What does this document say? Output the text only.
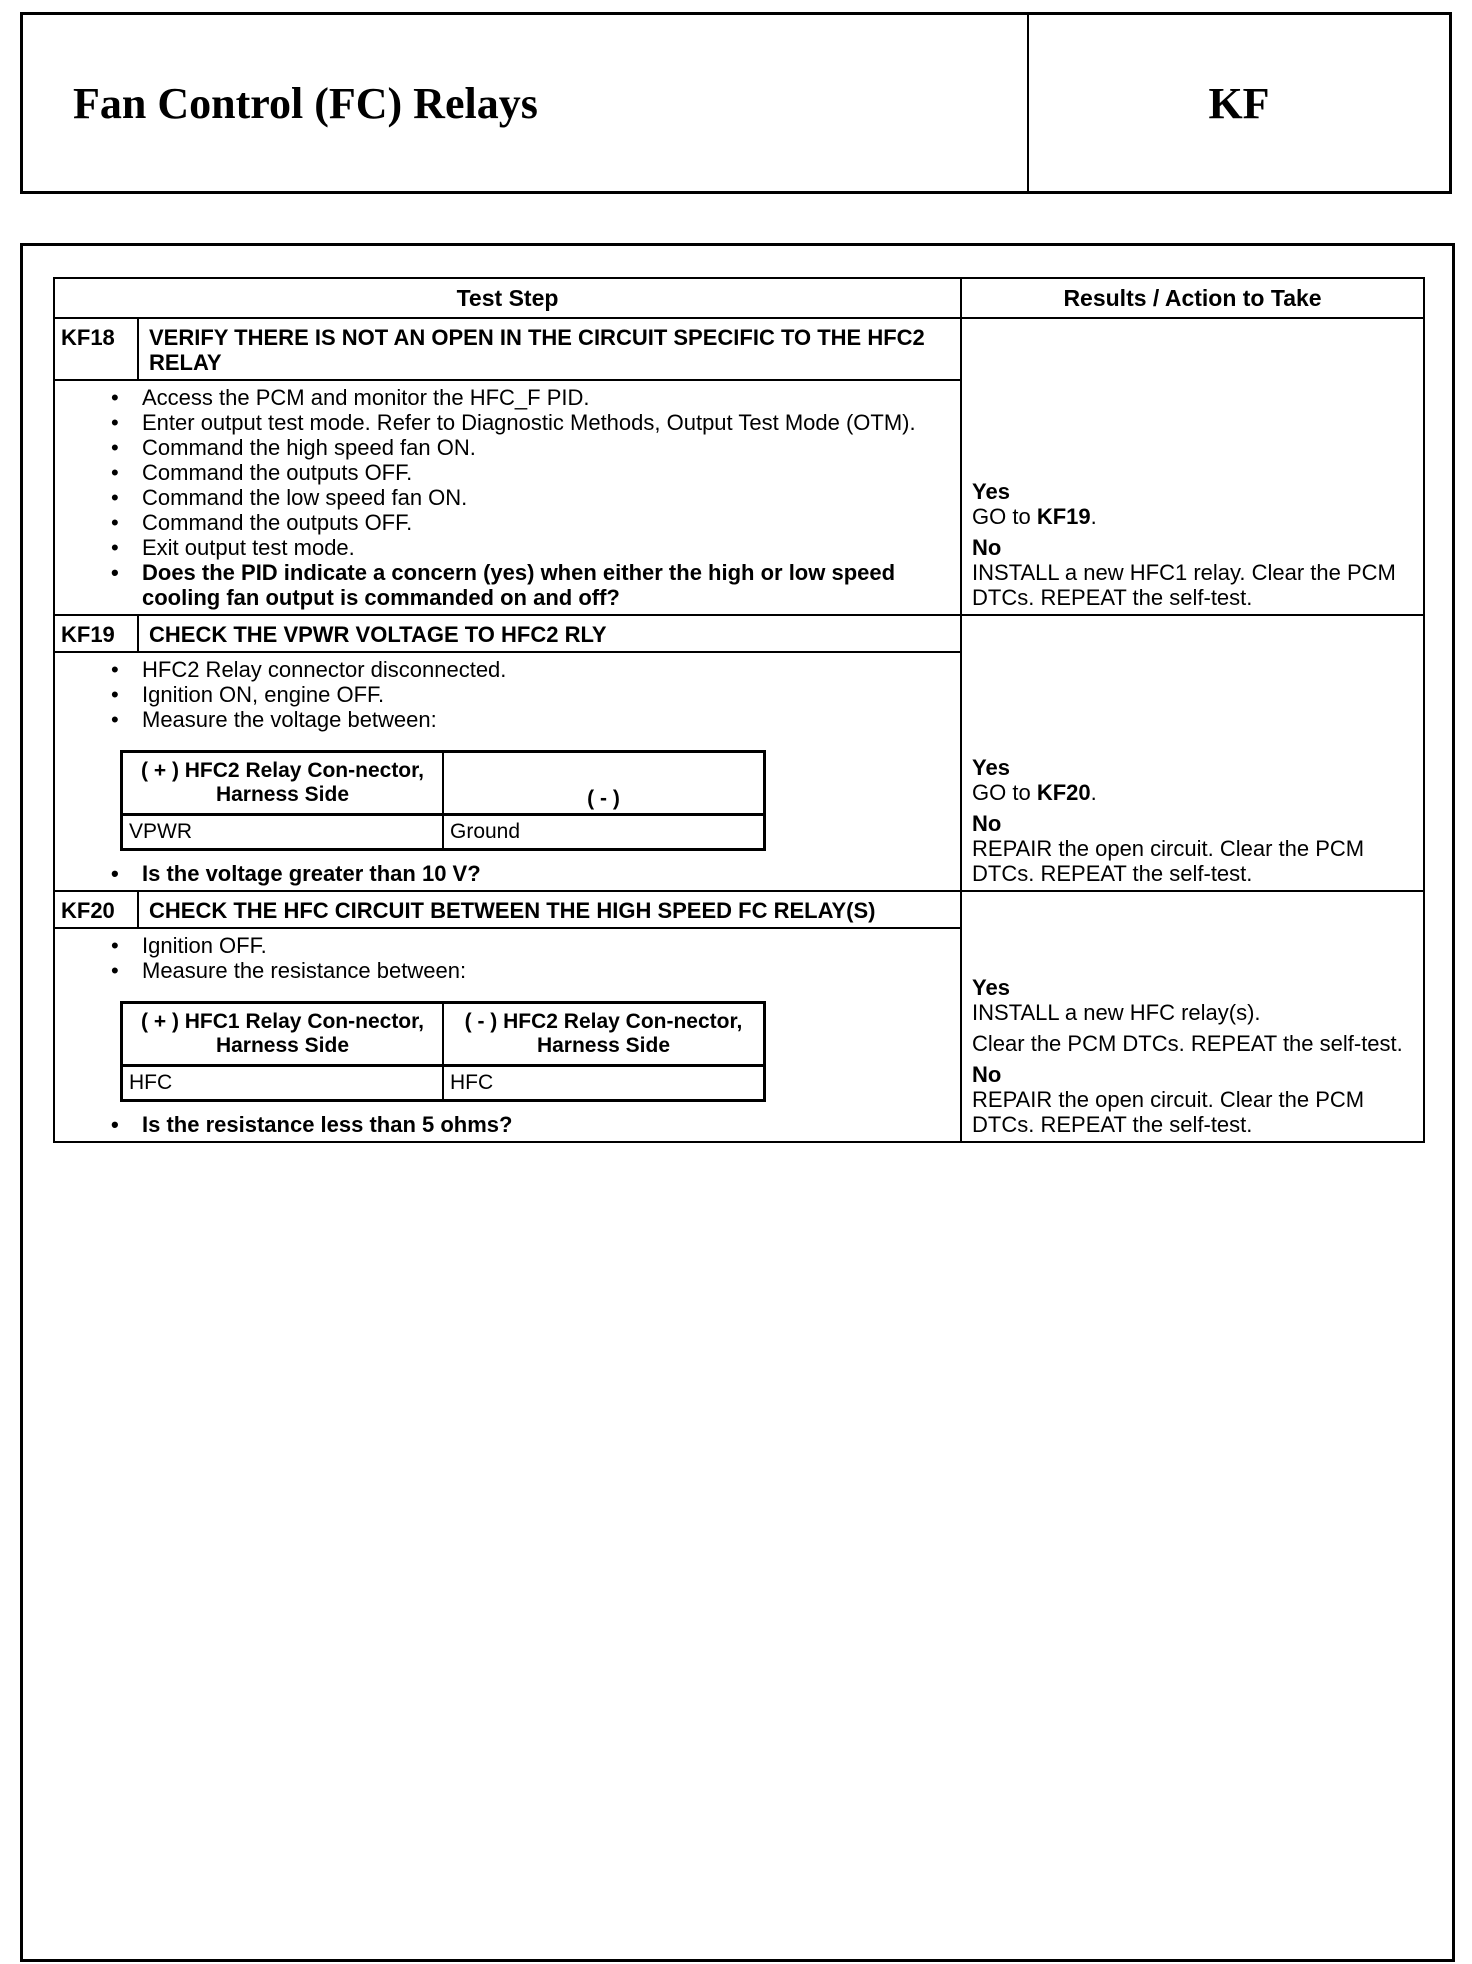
Fan Control (FC) Relays	KF
Test Step	Results / Action to Take
KF18	VERIFY THERE IS NOT AN OPEN IN THE CIRCUIT SPECIFIC TO THE HFC2 RELAY	
Yes
GO to KF19.
No
INSTALL a new HFC1 relay. Clear the PCM DTCs. REPEAT the self-test.

• Access the PCM and monitor the HFC_F PID.
• Enter output test mode. Refer to Diagnostic Methods, Output Test Mode (OTM).
• Command the high speed fan ON.
• Command the outputs OFF.
• Command the low speed fan ON.
• Command the outputs OFF.
• Exit output test mode.
• Does the PID indicate a concern (yes) when either the high or low speed cooling fan output is commanded on and off?

KF19	CHECK THE VPWR VOLTAGE TO HFC2 RLY	
Yes
GO to KF20.
No
REPAIR the open circuit. Clear the PCM DTCs. REPEAT the self-test.

• HFC2 Relay connector disconnected.
• Ignition ON, engine OFF.
• Measure the voltage between:
( + ) HFC2 Relay Con-nector, Harness Side	( - )
VPWR	Ground
• Is the voltage greater than 10 V?

KF20	CHECK THE HFC CIRCUIT BETWEEN THE HIGH SPEED FC RELAY(S)	
Yes
INSTALL a new HFC relay(s).
Clear the PCM DTCs. REPEAT the self-test.
No
REPAIR the open circuit. Clear the PCM DTCs. REPEAT the self-test.

• Ignition OFF.
• Measure the resistance between:
( + ) HFC1 Relay Con-nector, Harness Side	( - ) HFC2 Relay Con-nector, Harness Side
HFC	HFC
• Is the resistance less than 5 ohms?
